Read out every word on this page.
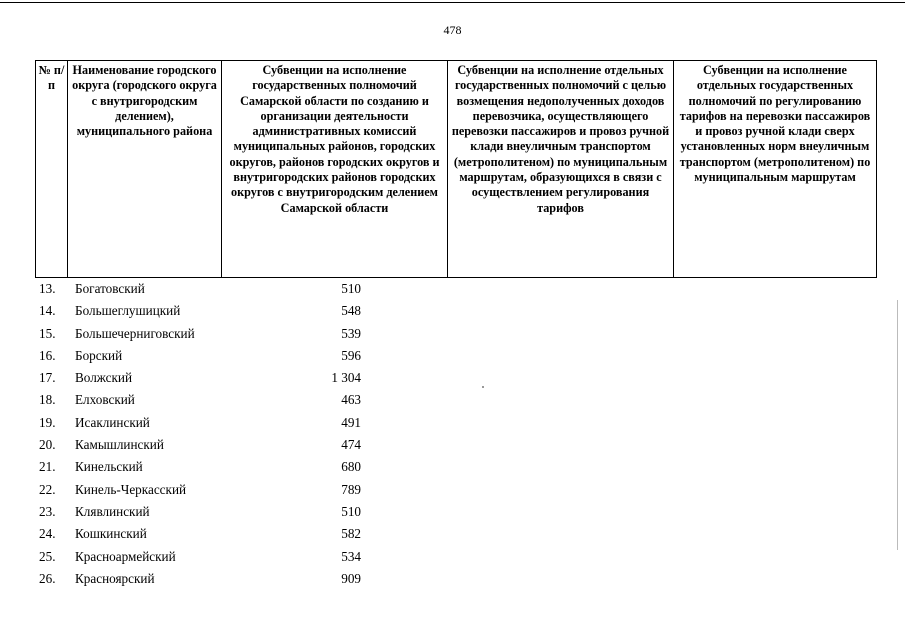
478
№ п/п	Наименование городского округа (городского округа с внутригородским делением), муниципального района	Субвенции на исполнение государственных полномочий Самарской области по созданию и организации деятельности административных комиссий муниципальных районов, городских округов, районов городских округов и внутригородских районов городских округов с внутригородским делением Самарской области	Субвенции на исполнение отдельных государственных полномочий с целью возмещения недополученных доходов перевозчика, осуществляющего перевозки пассажиров и провоз ручной клади внеуличным транспортом (метрополитеном) по муниципальным маршрутам, образующихся в связи с осуществлением регулирования тарифов	Субвенции на исполнение отдельных государственных полномочий по регулированию тарифов на перевозки пассажиров и провоз ручной клади сверх установленных норм внеуличным транспортом (метрополитеном) по муниципальным маршрутам
13.	Богатовский	510
14.	Большеглушицкий	548
15.	Большечерниговский	539
16.	Борский	596
17.	Волжский	1 304
18.	Елховский	463
19.	Исаклинский	491
20.	Камышлинский	474
21.	Кинельский	680
22.	Кинель-Черкасский	789
23.	Клявлинский	510
24.	Кошкинский	582
25.	Красноармейский	534
26.	Красноярский	909
